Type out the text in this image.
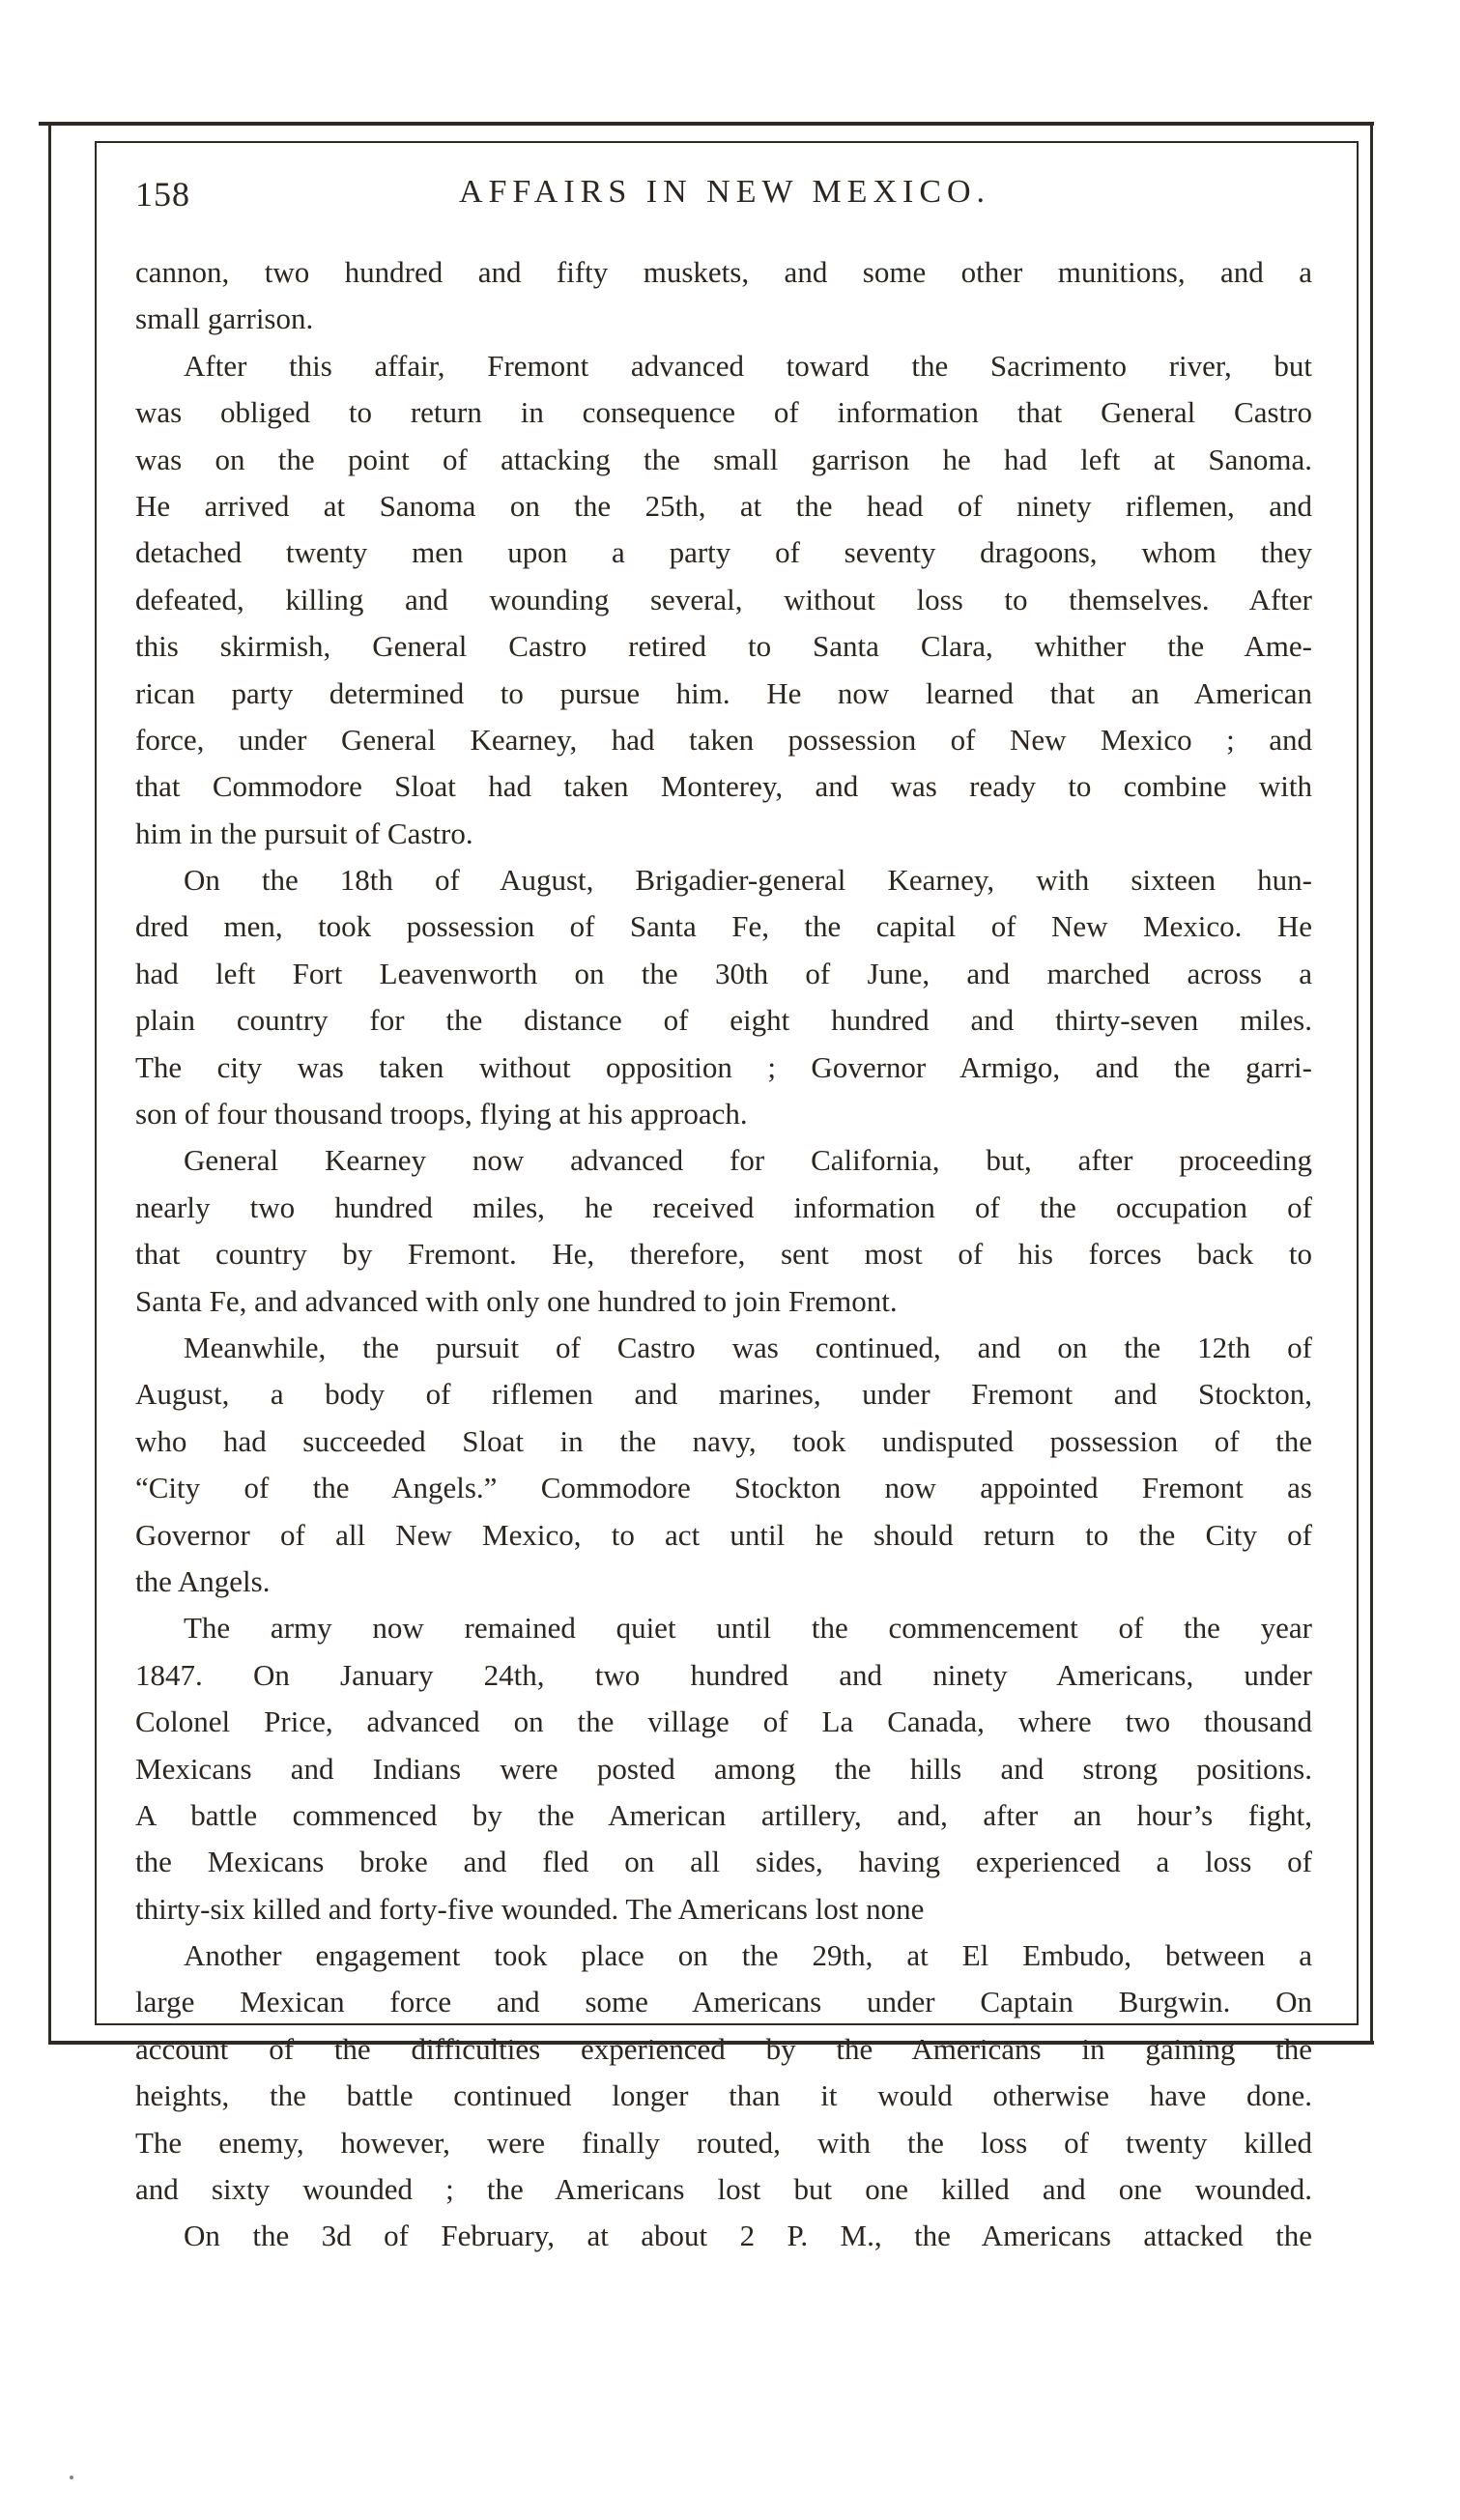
158	AFFAIRS IN NEW MEXICO.
cannon, two hundred and fifty muskets, and some other munitions, and a
small garrison.
After this affair, Fremont advanced toward the Sacrimento river, but
was obliged to return in consequence of information that General Castro
was on the point of attacking the small garrison he had left at Sanoma.
He arrived at Sanoma on the 25th, at the head of ninety riflemen, and
detached twenty men upon a party of seventy dragoons, whom they
defeated, killing and wounding several, without loss to themselves. After
this skirmish, General Castro retired to Santa Clara, whither the Ame-
rican party determined to pursue him. He now learned that an American
force, under General Kearney, had taken possession of New Mexico ; and
that Commodore Sloat had taken Monterey, and was ready to combine with
him in the pursuit of Castro.
On the 18th of August, Brigadier-general Kearney, with sixteen hun-
dred men, took possession of Santa Fe, the capital of New Mexico. He
had left Fort Leavenworth on the 30th of June, and marched across a
plain country for the distance of eight hundred and thirty-seven miles.
The city was taken without opposition ; Governor Armigo, and the garri-
son of four thousand troops, flying at his approach.
General Kearney now advanced for California, but, after proceeding
nearly two hundred miles, he received information of the occupation of
that country by Fremont. He, therefore, sent most of his forces back to
Santa Fe, and advanced with only one hundred to join Fremont.
Meanwhile, the pursuit of Castro was continued, and on the 12th of
August, a body of riflemen and marines, under Fremont and Stockton,
who had succeeded Sloat in the navy, took undisputed possession of the
“City of the Angels.” Commodore Stockton now appointed Fremont as
Governor of all New Mexico, to act until he should return to the City of
the Angels.
The army now remained quiet until the commencement of the year
1847. On January 24th, two hundred and ninety Americans, under
Colonel Price, advanced on the village of La Canada, where two thousand
Mexicans and Indians were posted among the hills and strong positions.
A battle commenced by the American artillery, and, after an hour’s fight,
the Mexicans broke and fled on all sides, having experienced a loss of
thirty-six killed and forty-five wounded. The Americans lost none
Another engagement took place on the 29th, at El Embudo, between a
large Mexican force and some Americans under Captain Burgwin. On
account of the difficulties experienced by the Americans in gaining the
heights, the battle continued longer than it would otherwise have done.
The enemy, however, were finally routed, with the loss of twenty killed
and sixty wounded ; the Americans lost but one killed and one wounded.
On the 3d of February, at about 2 P. M., the Americans attacked the
